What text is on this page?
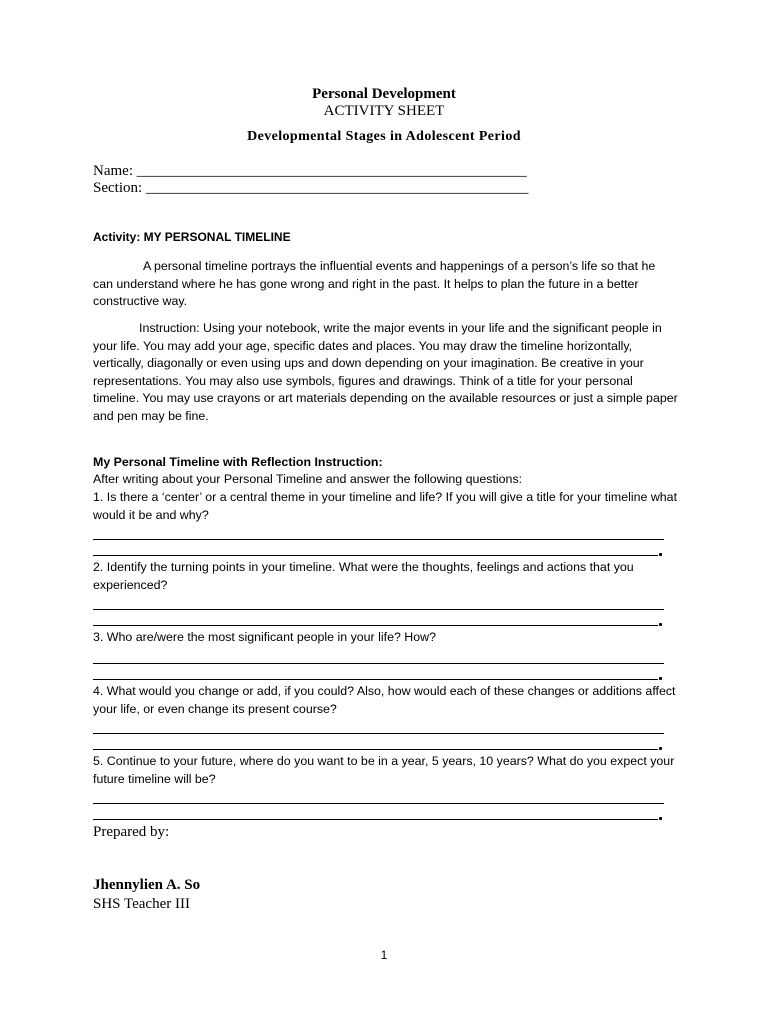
Personal Development
ACTIVITY SHEET
Developmental Stages in Adolescent Period
Name: ____________________________________________________
Section: ___________________________________________________
Activity: MY PERSONAL TIMELINE
A personal timeline portrays the influential events and happenings of a person’s life so that he can understand where he has gone wrong and right in the past. It helps to plan the future in a better constructive way.
Instruction: Using your notebook, write the major events in your life and the significant people in your life. You may add your age, specific dates and places. You may draw the timeline horizontally, vertically, diagonally or even using ups and down depending on your imagination. Be creative in your representations. You may also use symbols, figures and drawings. Think of a title for your personal timeline. You may use crayons or art materials depending on the available resources or just a simple paper and pen may be fine.
My Personal Timeline with Reflection Instruction:
After writing about your Personal Timeline and answer the following questions:
1. Is there a ‘center’ or a central theme in your timeline and life? If you will give a title for your timeline what would it be and why?
2. Identify the turning points in your timeline. What were the thoughts, feelings and actions that you experienced?
3. Who are/were the most significant people in your life? How?
4. What would you change or add, if you could? Also, how would each of these changes or additions affect your life, or even change its present course?
5. Continue to your future, where do you want to be in a year, 5 years, 10 years? What do you expect your future timeline will be?
Prepared by:
Jhennylien A. So
SHS Teacher III
1
